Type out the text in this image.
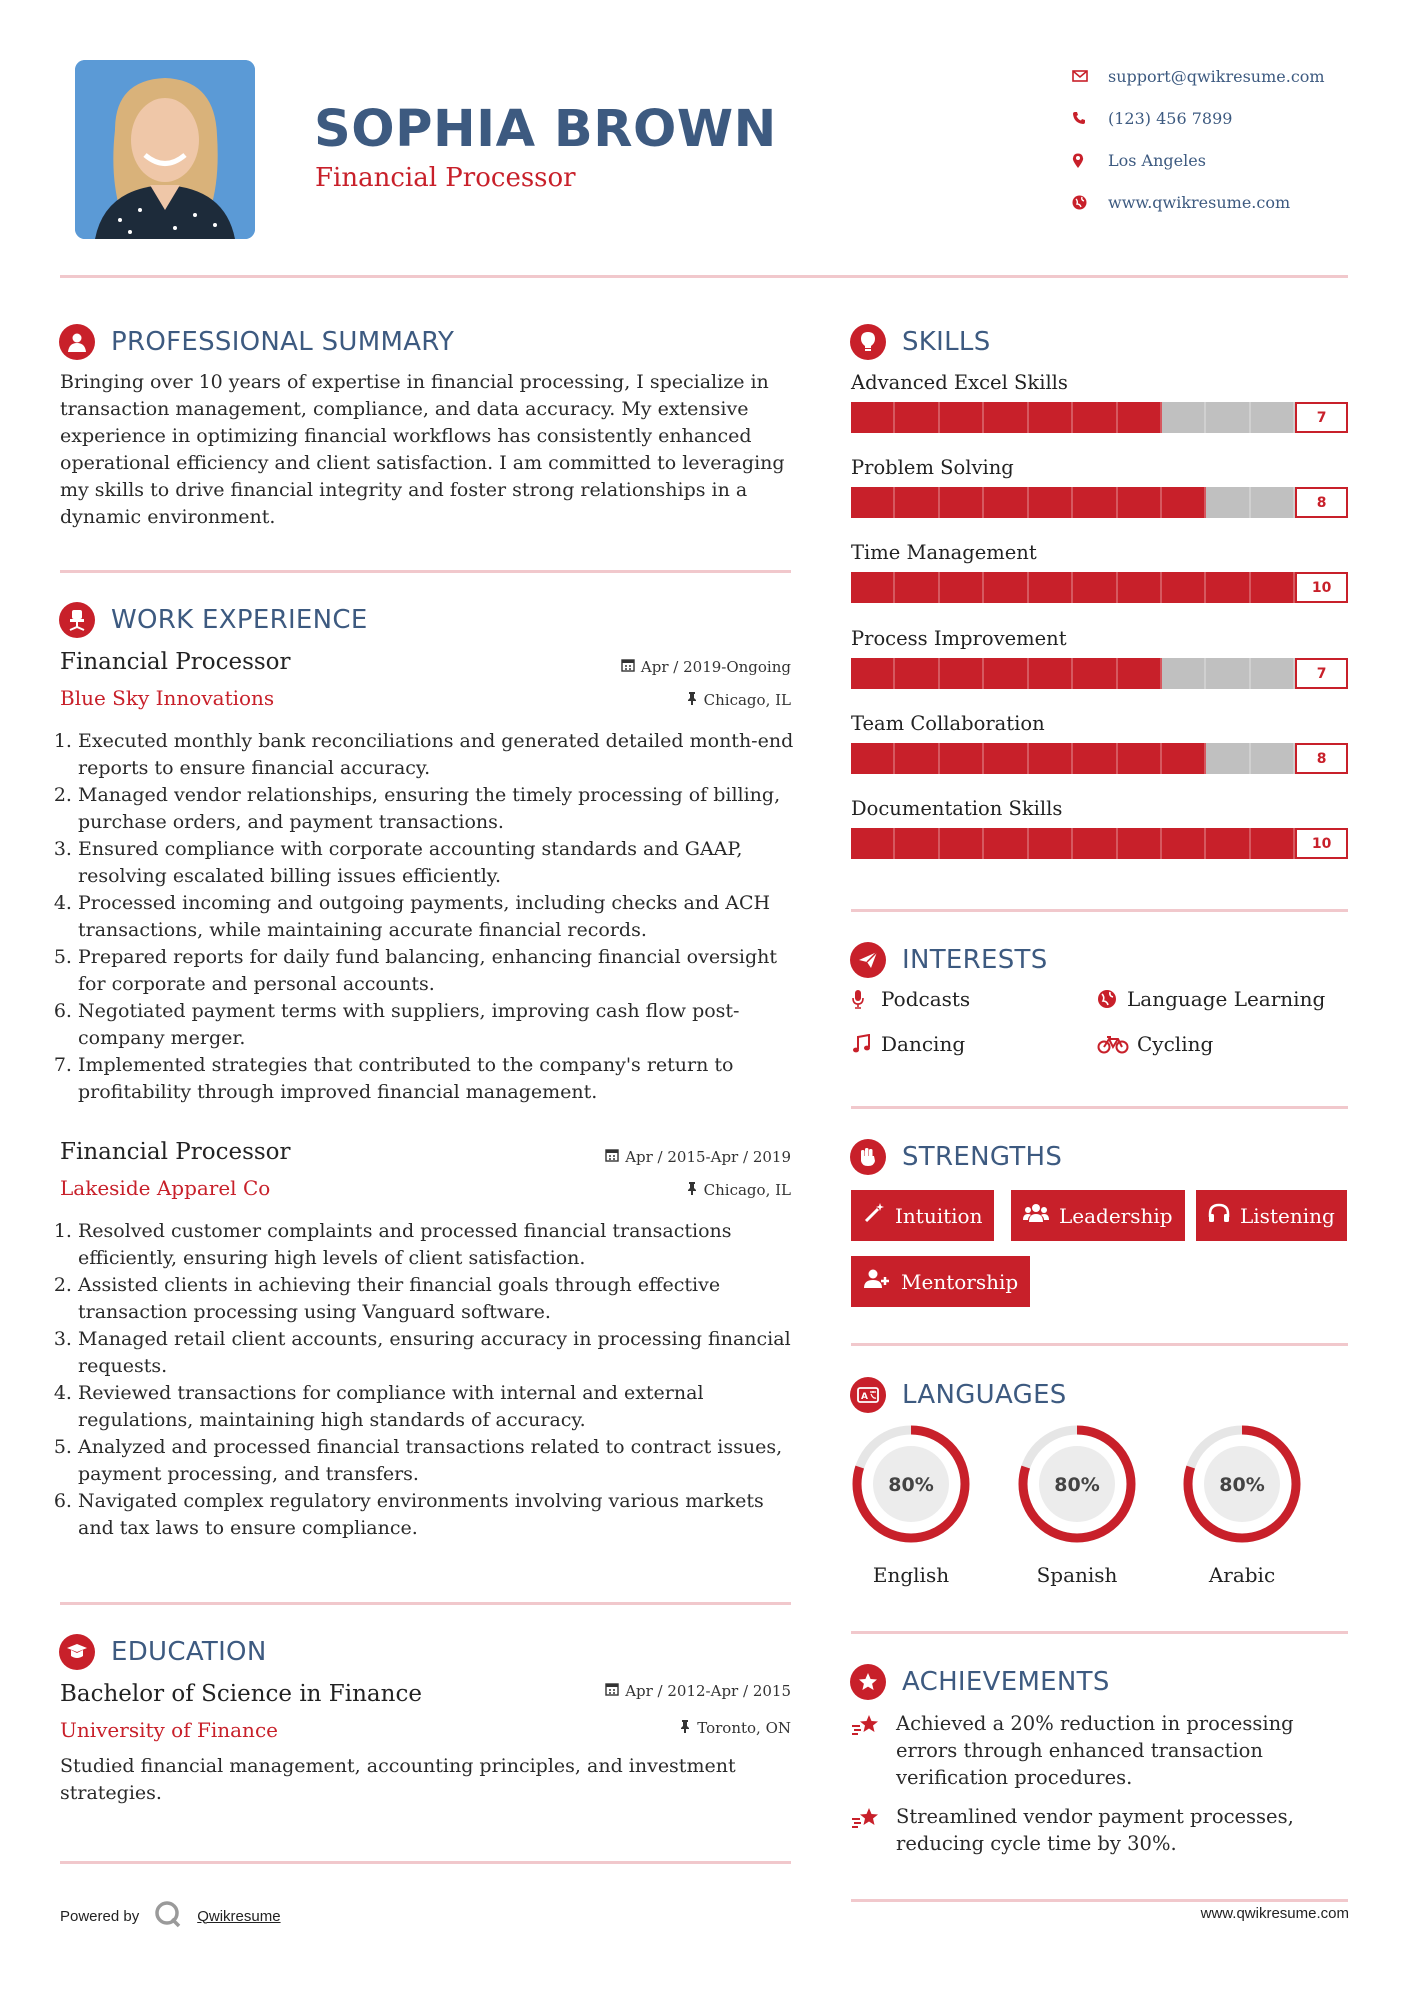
SOPHIA BROWN
Financial Processor
support@qwikresume.com
(123) 456 7899
Los Angeles
www.qwikresume.com
PROFESSIONAL SUMMARY
Bringing over 10 years of expertise in financial processing, I specialize in transaction management, compliance, and data accuracy. My extensive experience in optimizing financial workflows has consistently enhanced operational efficiency and client satisfaction. I am committed to leveraging my skills to drive financial integrity and foster strong relationships in a dynamic environment.
WORK EXPERIENCE
Financial Processor	Apr / 2019-Ongoing
Blue Sky Innovations	Chicago, IL
1. Executed monthly bank reconciliations and generated detailed month-end reports to ensure financial accuracy.
2. Managed vendor relationships, ensuring the timely processing of billing, purchase orders, and payment transactions.
3. Ensured compliance with corporate accounting standards and GAAP, resolving escalated billing issues efficiently.
4. Processed incoming and outgoing payments, including checks and ACH transactions, while maintaining accurate financial records.
5. Prepared reports for daily fund balancing, enhancing financial oversight for corporate and personal accounts.
6. Negotiated payment terms with suppliers, improving cash flow post-company merger.
7. Implemented strategies that contributed to the company's return to profitability through improved financial management.
Financial Processor	Apr / 2015-Apr / 2019
Lakeside Apparel Co	Chicago, IL
1. Resolved customer complaints and processed financial transactions efficiently, ensuring high levels of client satisfaction.
2. Assisted clients in achieving their financial goals through effective transaction processing using Vanguard software.
3. Managed retail client accounts, ensuring accuracy in processing financial requests.
4. Reviewed transactions for compliance with internal and external regulations, maintaining high standards of accuracy.
5. Analyzed and processed financial transactions related to contract issues, payment processing, and transfers.
6. Navigated complex regulatory environments involving various markets and tax laws to ensure compliance.
EDUCATION
Bachelor of Science in Finance	Apr / 2012-Apr / 2015
University of Finance	Toronto, ON
Studied financial management, accounting principles, and investment strategies.
SKILLS
Advanced Excel Skills
7
Problem Solving
8
Time Management
10
Process Improvement
7
Team Collaboration
8
Documentation Skills
10
INTERESTS
Podcasts	Language Learning
Dancing	Cycling
STRENGTHS
Intuition	Leadership	Listening
Mentorship
A LANGUAGES
80%
English
80%
Spanish
80%
Arabic
ACHIEVEMENTS
Achieved a 20% reduction in processing errors through enhanced transaction verification procedures.
Streamlined vendor payment processes, reducing cycle time by 30%.
Powered by	Qwikresume	www.qwikresume.com
